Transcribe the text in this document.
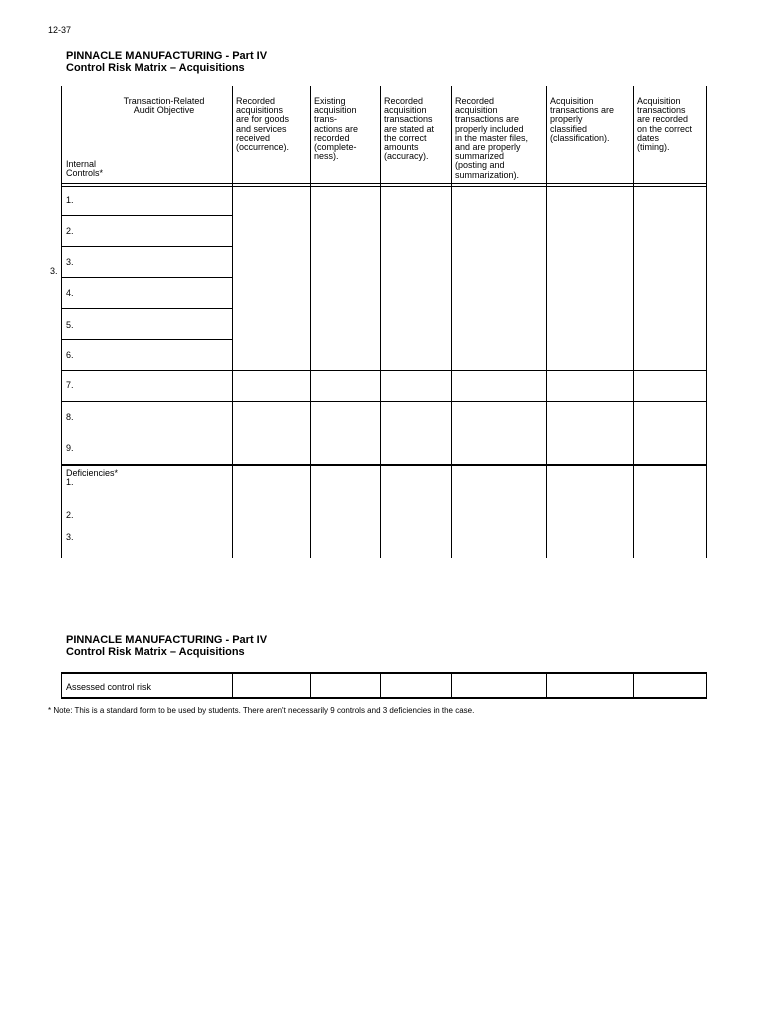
12-37
PINNACLE MANUFACTURING - Part IV
Control Risk Matrix – Acquisitions
Transaction-Related
Audit Objective
Internal
Controls*
Recorded
acquisitions
are for goods
and services
received
(occurrence).
Existing
acquisition
trans-
actions are
recorded
(complete-
ness).
Recorded
acquisition
transactions
are stated at
the correct
amounts
(accuracy).
Recorded
acquisition
transactions are
properly included
in the master files,
and are properly
summarized
(posting and
summarization).
Acquisition
transactions are
properly
classified
(classification).
Acquisition
transactions
are recorded
on the correct
dates
(timing).
1.
2.
3.
4.
5.
6.
7.
8.
9.
3.
Deficiencies*
1.
2.
3.
PINNACLE MANUFACTURING - Part IV
Control Risk Matrix – Acquisitions
Assessed control risk
* Note: This is a standard form to be used by students. There aren't necessarily 9 controls and 3 deficiencies in the case.
